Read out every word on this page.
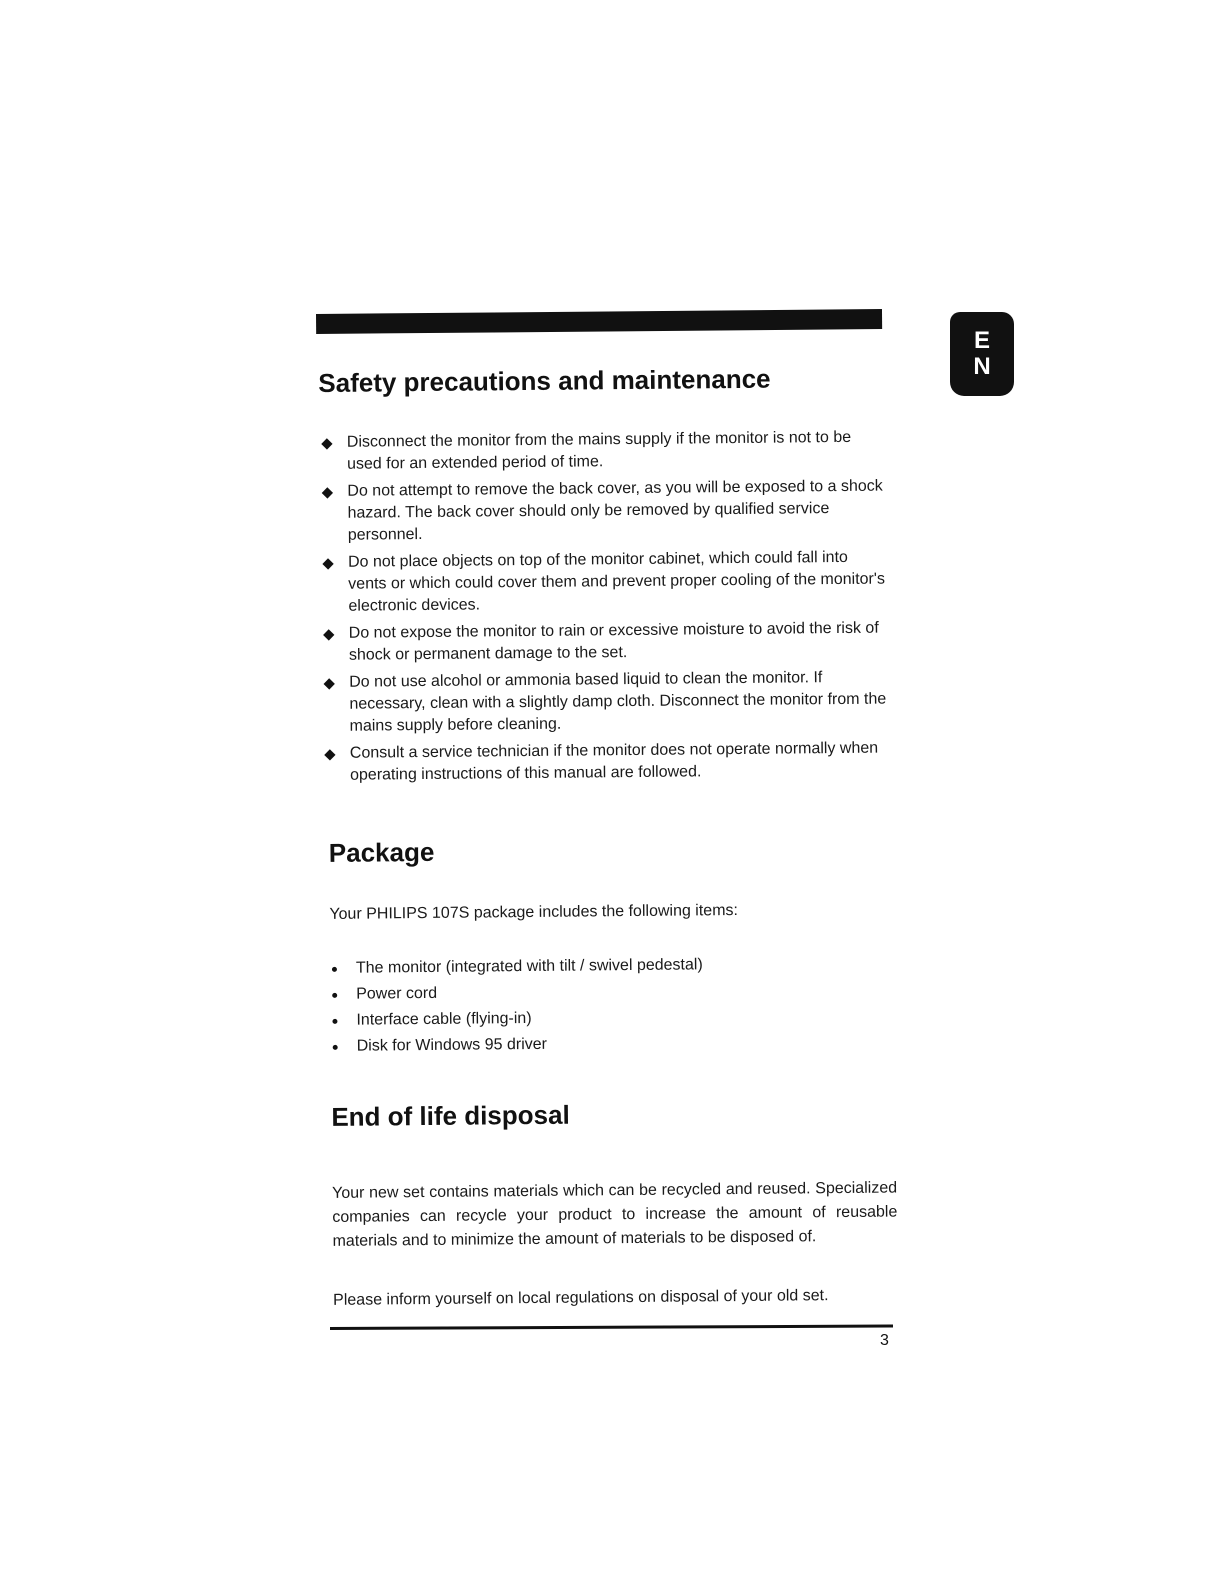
E
N
Safety precautions and maintenance
Disconnect the monitor from the mains supply if the monitor is not to be used for an extended period of time.
Do not attempt to remove the back cover, as you will be exposed to a shock hazard. The back cover should only be removed by qualified service personnel.
Do not place objects on top of the monitor cabinet, which could fall into vents or which could cover them and prevent proper cooling of the monitor's electronic devices.
Do not expose the monitor to rain or excessive moisture to avoid the risk of shock or permanent damage to the set.
Do not use alcohol or ammonia based liquid to clean the monitor. If necessary, clean with a slightly damp cloth. Disconnect the monitor from the mains supply before cleaning.
Consult a service technician if the monitor does not operate normally when operating instructions of this manual are followed.
Package

Your PHILIPS 107S package includes the following items:

The monitor (integrated with tilt / swivel pedestal)
Power cord
Interface cable (flying-in)
Disk for Windows 95 driver
End of life disposal

Your new set contains materials which can be recycled and reused. Specialized companies can recycle your product to increase the amount of reusable materials and to minimize the amount of materials to be disposed of.

Please inform yourself on local regulations on disposal of your old set.

3
